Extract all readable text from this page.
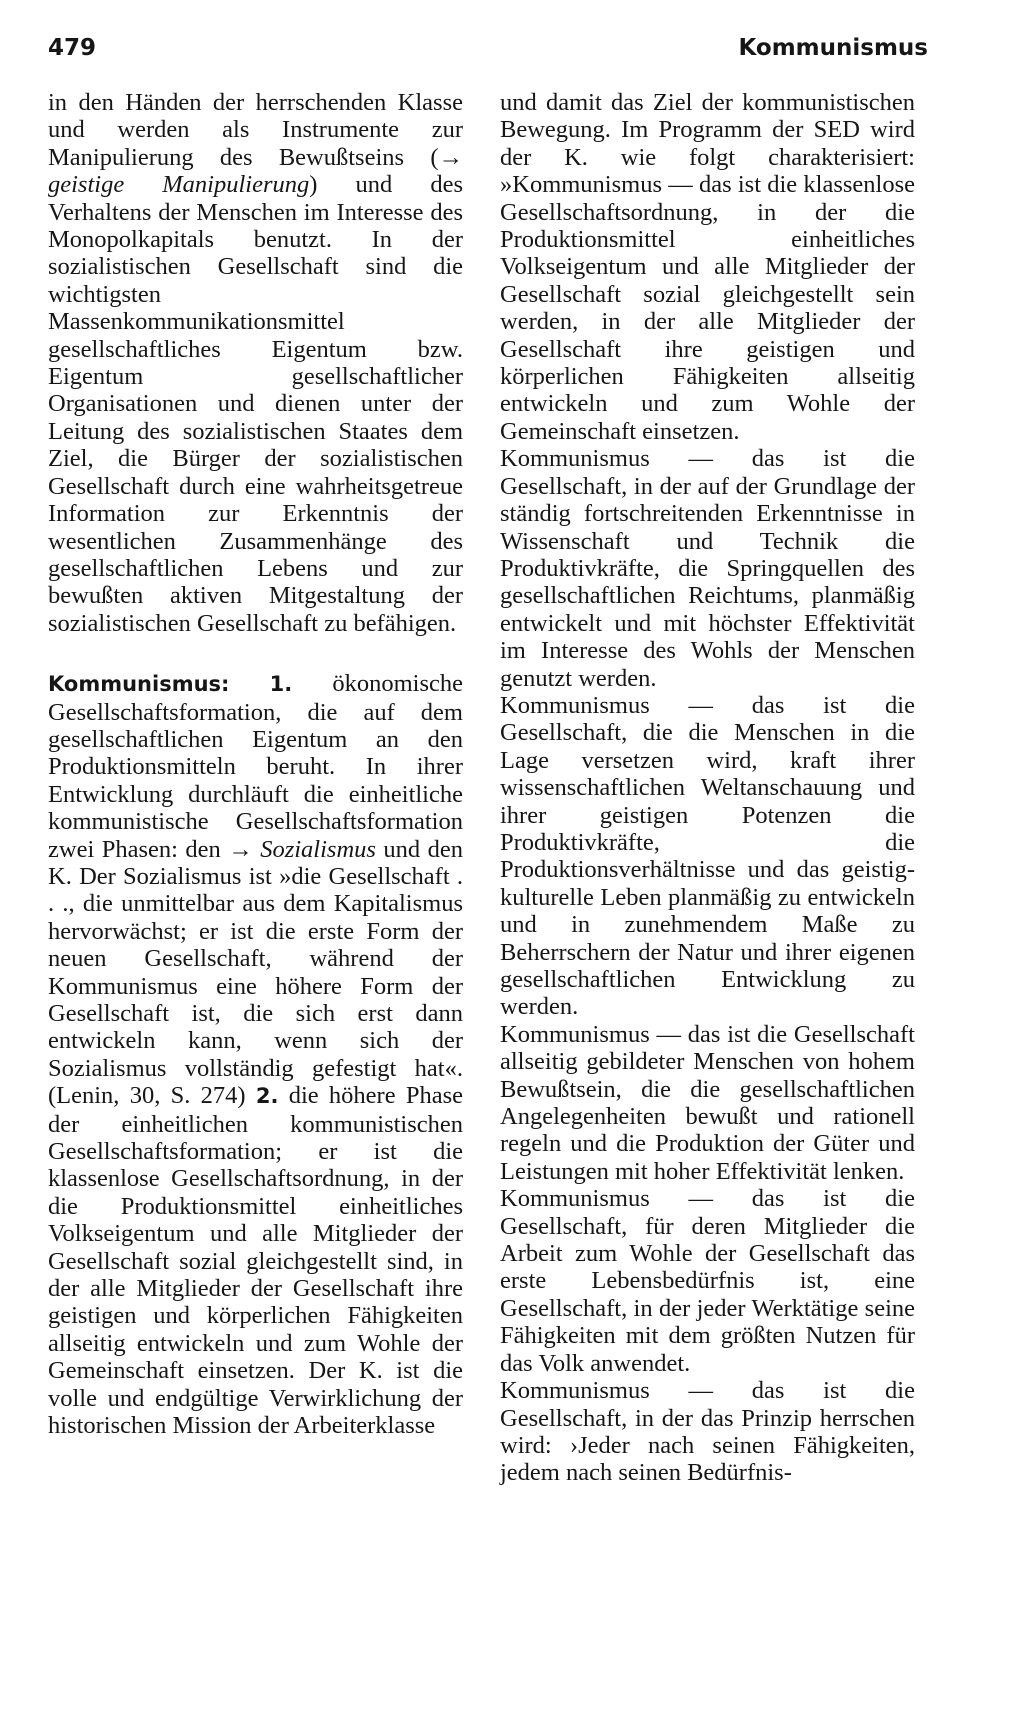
479	Kommunismus

in den Händen der herrschenden Klasse und werden als Instrumente zur Manipulierung des Bewußtseins (→ geistige Manipulierung) und des Verhaltens der Menschen im Interesse des Monopolkapitals benutzt. In der sozialistischen Gesellschaft sind die wichtigsten Massenkommunikationsmittel gesellschaftliches Eigentum bzw. Eigentum gesellschaftlicher Organisationen und dienen unter der Leitung des sozialistischen Staates dem Ziel, die Bürger der sozialistischen Gesellschaft durch eine wahrheitsgetreue Information zur Erkenntnis der wesentlichen Zusammenhänge des gesellschaftlichen Lebens und zur bewußten aktiven Mitgestaltung der sozialistischen Gesellschaft zu befähigen.

Kommunismus: 1. ökonomische Gesellschaftsformation, die auf dem gesellschaftlichen Eigentum an den Produktionsmitteln beruht. In ihrer Entwicklung durchläuft die einheitliche kommunistische Gesellschaftsformation zwei Phasen: den → Sozialismus und den K. Der Sozialismus ist »die Gesellschaft . . ., die unmittelbar aus dem Kapitalismus hervorwächst; er ist die erste Form der neuen Gesellschaft, während der Kommunismus eine höhere Form der Gesellschaft ist, die sich erst dann entwickeln kann, wenn sich der Sozialismus vollständig gefestigt hat«. (Lenin, 30, S. 274) 2. die höhere Phase der einheitlichen kommunistischen Gesellschaftsformation; er ist die klassenlose Gesellschaftsordnung, in der die Produktionsmittel einheitliches Volkseigentum und alle Mitglieder der Gesellschaft sozial gleichgestellt sind, in der alle Mitglieder der Gesellschaft ihre geistigen und körperlichen Fähigkeiten allseitig entwickeln und zum Wohle der Gemeinschaft einsetzen. Der K. ist die volle und endgültige Verwirklichung der historischen Mission der Arbeiterklasse

und damit das Ziel der kommunistischen Bewegung. Im Programm der SED wird der K. wie folgt charakterisiert: »Kommunismus — das ist die klassenlose Gesellschaftsordnung, in der die Produktionsmittel einheitliches Volkseigentum und alle Mitglieder der Gesellschaft sozial gleichgestellt sein werden, in der alle Mitglieder der Gesellschaft ihre geistigen und körperlichen Fähigkeiten allseitig entwickeln und zum Wohle der Gemeinschaft einsetzen.

Kommunismus — das ist die Gesellschaft, in der auf der Grundlage der ständig fortschreitenden Erkenntnisse in Wissenschaft und Technik die Produktivkräfte, die Springquellen des gesellschaftlichen Reichtums, planmäßig entwickelt und mit höchster Effektivität im Interesse des Wohls der Menschen genutzt werden.

Kommunismus — das ist die Gesellschaft, die die Menschen in die Lage versetzen wird, kraft ihrer wissenschaftlichen Weltanschauung und ihrer geistigen Potenzen die Produktivkräfte, die Produktionsverhältnisse und das geistig-kulturelle Leben planmäßig zu entwickeln und in zunehmendem Maße zu Beherrschern der Natur und ihrer eigenen gesellschaftlichen Entwicklung zu werden.

Kommunismus — das ist die Gesellschaft allseitig gebildeter Menschen von hohem Bewußtsein, die die gesellschaftlichen Angelegenheiten bewußt und rationell regeln und die Produktion der Güter und Leistungen mit hoher Effektivität lenken.

Kommunismus — das ist die Gesellschaft, für deren Mitglieder die Arbeit zum Wohle der Gesellschaft das erste Lebensbedürfnis ist, eine Gesellschaft, in der jeder Werktätige seine Fähigkeiten mit dem größten Nutzen für das Volk anwendet.

Kommunismus — das ist die Gesellschaft, in der das Prinzip herrschen wird: ›Jeder nach seinen Fähigkeiten, jedem nach seinen Bedürfnis-
